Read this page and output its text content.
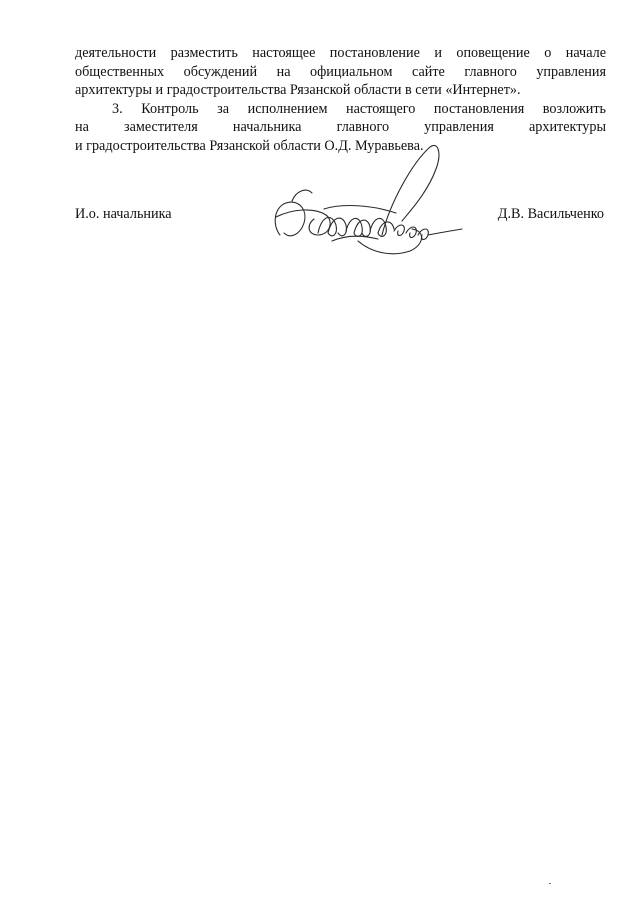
деятельности разместить настоящее постановление и оповещение о начале

общественных обсуждений на официальном сайте главного управления

архитектуры и градостроительства Рязанской области в сети «Интернет».

3. Контроль за исполнением настоящего постановления возложить

на заместителя начальника главного управления архитектуры

и градостроительства Рязанской области О.Д. Муравьева.

И.о. начальника	Д.В. Васильченко
